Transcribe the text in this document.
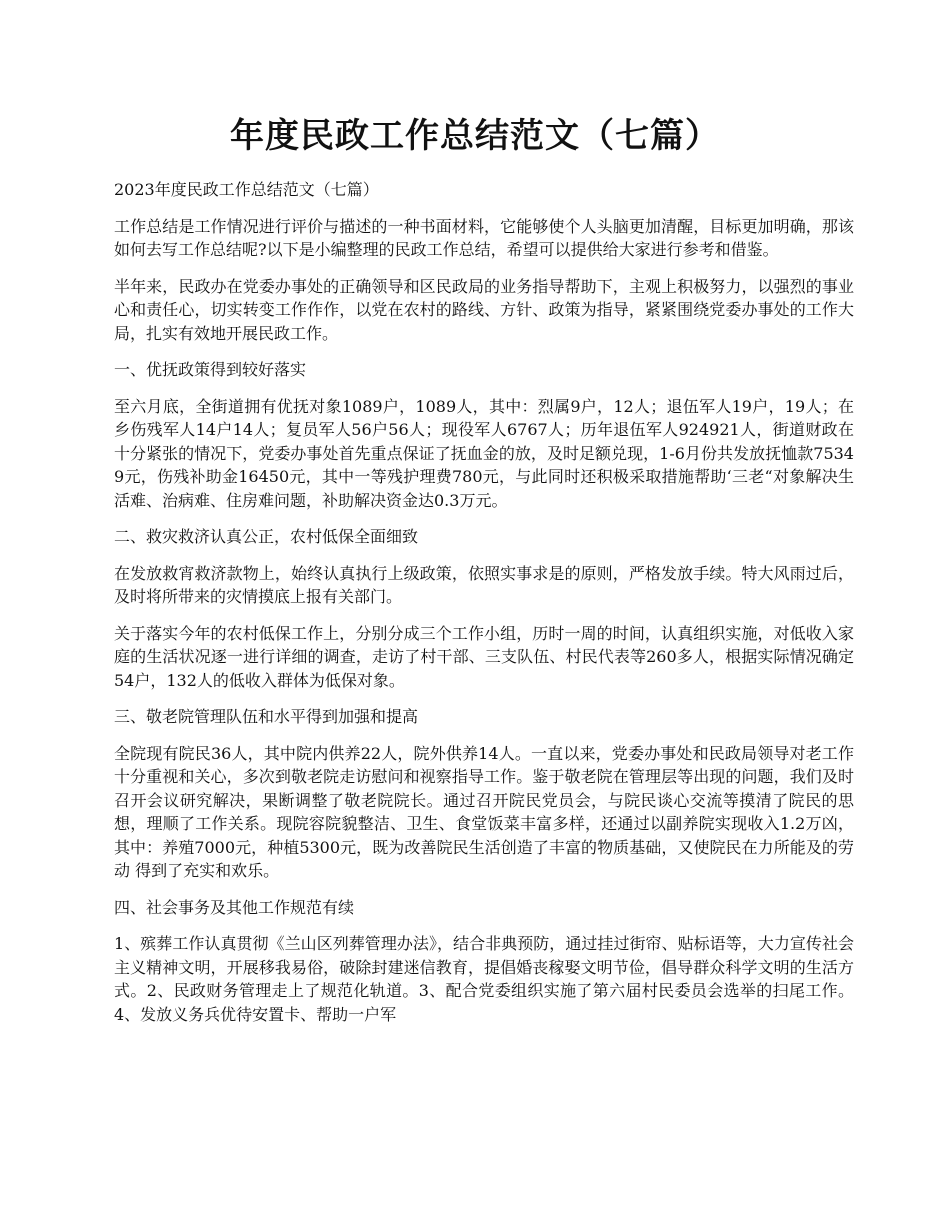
年度民政工作总结范文（七篇）

2023年度民政工作总结范文（七篇）

工作总结是工作情况进行评价与描述的一种书面材料，它能够使个人头脑更加清醒，目标更加明确，那该如何去写工作总结呢?以下是小编整理的民政工作总结，希望可以提供给大家进行参考和借鉴。

半年来，民政办在党委办事处的正确领导和区民政局的业务指导帮助下，主观上积极努力，以强烈的事业心和责任心，切实转变工作作作，以党在农村的路线、方针、政策为指导，紧紧围绕党委办事处的工作大局，扎实有效地开展民政工作。

一、优抚政策得到较好落实

至六月底，全街道拥有优抚对象1089户，1089人，其中：烈属9户，12人；退伍军人19户，19人；在乡伤残军人14户14人；复员军人56户56人；现役军人6767人；历年退伍军人924921人，街道财政在十分紧张的情况下，党委办事处首先重点保证了抚血金的放，及时足额兑现，1-6月份共发放抚恤款75349元，伤残补助金16450元，其中一等残护理费780元，与此同时还积极采取措施帮助‘三老“对象解决生活难、治病难、住房难问题，补助解决资金达0.3万元。

二、救灾救济认真公正，农村低保全面细致

在发放救宵救济款物上，始终认真执行上级政策，依照实事求是的原则，严格发放手续。特大风雨过后，及时将所带来的灾情摸底上报有关部门。

关于落实今年的农村低保工作上，分别分成三个工作小组，历时一周的时间，认真组织实施，对低收入家庭的生活状况逐一进行详细的调查，走访了村干部、三支队伍、村民代表等260多人，根据实际情况确定54户，132人的低收入群体为低保对象。

三、敬老院管理队伍和水平得到加强和提高

全院现有院民36人，其中院内供养22人，院外供养14人。一直以来，党委办事处和民政局领导对老工作十分重视和关心，多次到敬老院走访慰问和视察指导工作。鉴于敬老院在管理层等出现的问题，我们及时召开会议研究解决，果断调整了敬老院院长。通过召开院民党员会，与院民谈心交流等摸清了院民的思想，理顺了工作关系。现院容院貌整洁、卫生、食堂饭菜丰富多样，还通过以副养院实现收入1.2万凶，其中：养殖7000元，种植5300元，既为改善院民生活创造了丰富的物质基础，又使院民在力所能及的劳动 得到了充实和欢乐。

四、社会事务及其他工作规范有续

1、殡葬工作认真贯彻《兰山区列葬管理办法》，结合非典预防，通过挂过街帘、贴标语等，大力宣传社会主义精神文明，开展移我易俗，破除封建迷信教育，提倡婚丧稼娶文明节俭，倡导群众科学文明的生活方式。2、民政财务管理走上了规范化轨道。3、配合党委组织实施了第六届村民委员会选举的扫尾工作。4、发放义务兵优待安置卡、帮助一户军
